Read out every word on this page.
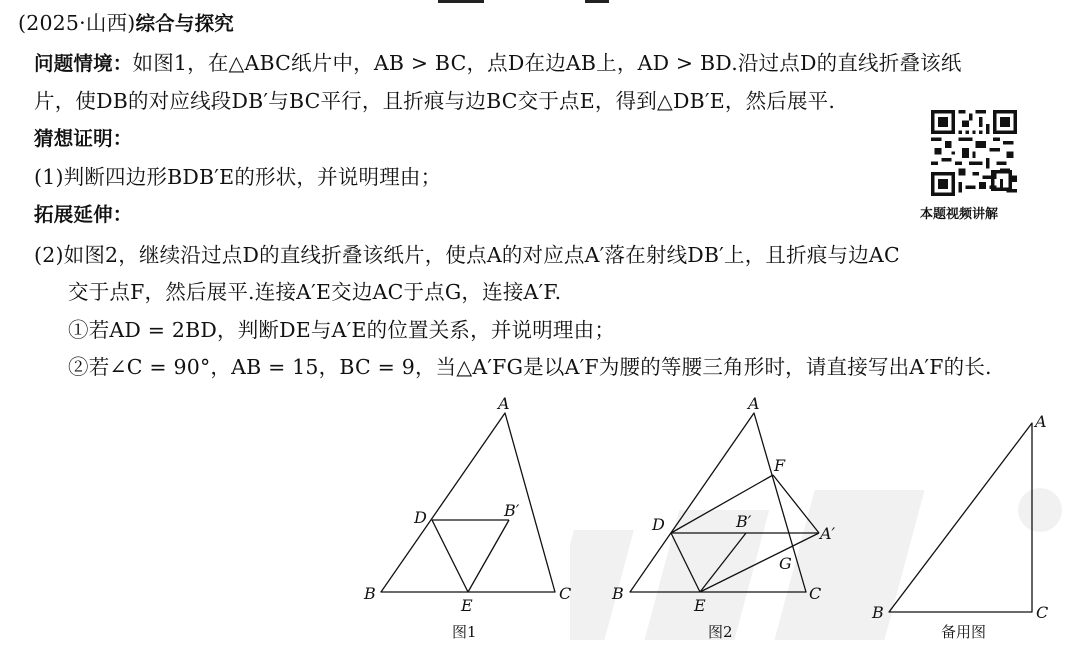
(2025·山西)综合与探究
问题情境：如图1，在△ABC纸片中，AB > BC，点D在边AB上，AD > BD.沿过点D的直线折叠该纸
片，使DB的对应线段DB′与BC平行，且折痕与边BC交于点E，得到△DB′E，然后展平.
猜想证明：
(1)判断四边形BDB′E的形状，并说明理由；
拓展延伸：
(2)如图2，继续沿过点D的直线折叠该纸片，使点A的对应点A′落在射线DB′上，且折痕与边AC
交于点F，然后展平.连接A′E交边AC于点G，连接A′F.
①若AD = 2BD，判断DE与A′E的位置关系，并说明理由；
②若∠C = 90°，AB = 15，BC = 9，当△A′FG是以A′F为腰的等腰三角形时，请直接写出A′F的长.
本题视频讲解
A
B	C
D
E
B′
A
B	C
D
E
B′
F
A′
G
A
B	C
图1	图2	备用图
